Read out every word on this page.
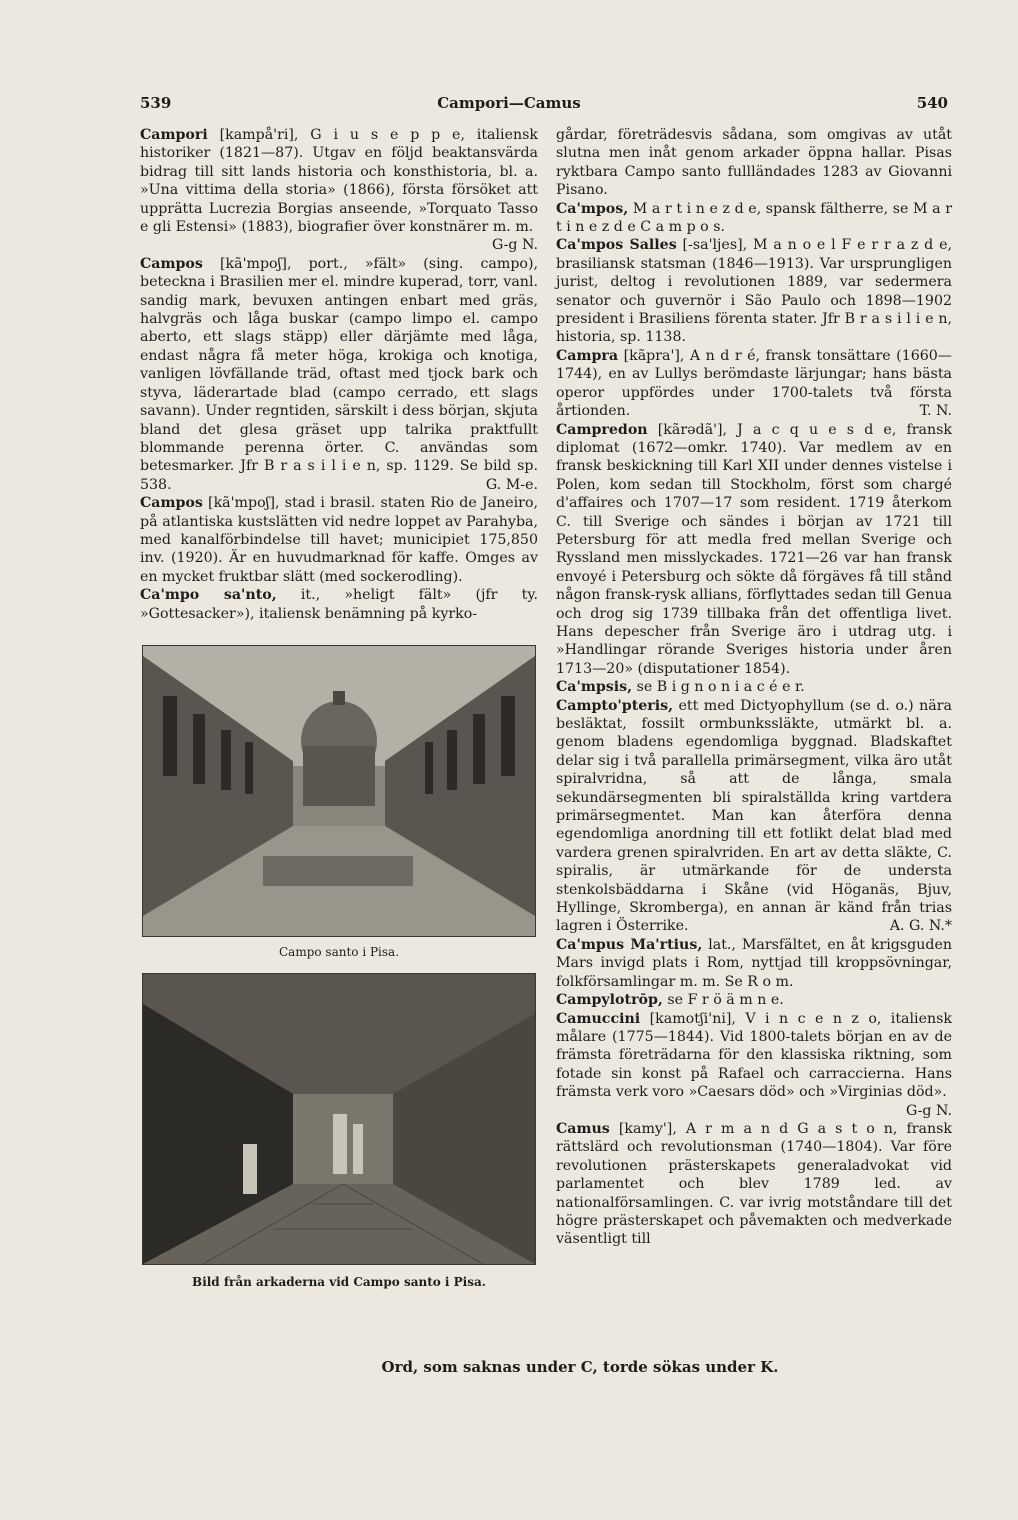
539	Campori—Camus	540

Campori [kampå'ri], G i u s e p p e, italiensk historiker (1821—87). Utgav en följd beaktansvärda bidrag till sitt lands historia och konsthistoria, bl. a. »Una vittima della storia» (1866), första försöket att upprätta Lucrezia Borgias anseende, »Torquato Tasso e gli Estensi» (1883), biografier över konstnärer m. m.
G-g N.

Campos [kã'mpoʃ], port., »fält» (sing. campo), beteckna i Brasilien mer el. mindre kuperad, torr, vanl. sandig mark, bevuxen antingen enbart med gräs, halvgräs och låga buskar (campo limpo el. campo aberto, ett slags stäpp) eller därjämte med låga, endast några få meter höga, krokiga och knotiga, vanligen lövfällande träd, oftast med tjock bark och styva, läderartade blad (campo cerrado, ett slags savann). Under regntiden, särskilt i dess början, skjuta bland det glesa gräset upp talrika praktfullt blommande perenna örter. C. användas som betesmarker. Jfr B r a s i l i e n, sp. 1129. Se bild sp. 538.	G. M-e.

Campos [kã'mpoʃ], stad i brasil. staten Rio de Janeiro, på atlantiska kustslätten vid nedre loppet av Parahyba, med kanalförbindelse till havet; municipiet 175,850 inv. (1920). Är en huvudmarknad för kaffe. Omges av en mycket fruktbar slätt (med sockerodling).

Ca'mpo sa'nto, it., »heligt fält» (jfr ty. »Gottesacker»), italiensk benämning på kyrko-

Campo santo i Pisa.
Bild från arkaderna vid Campo santo i Pisa.

gårdar, företrädesvis sådana, som omgivas av utåt slutna men inåt genom arkader öppna hallar. Pisas ryktbara Campo santo fullländades 1283 av Giovanni Pisano.

Ca'mpos, M a r t i n e z d e, spansk fältherre, se M a r t i n e z d e C a m p o s.

Ca'mpos Salles [-sa'ljes], M a n o e l F e r r a z d e, brasiliansk statsman (1846—1913). Var ursprungligen jurist, deltog i revolutionen 1889, var sedermera senator och guvernör i São Paulo och 1898—1902 president i Brasiliens förenta stater. Jfr B r a s i l i e n, historia, sp. 1138.

Campra [kãpra'], A n d r é, fransk tonsättare (1660—1744), en av Lullys berömdaste lärjungar; hans bästa operor uppfördes under 1700-talets två första årtionden.	T. N.

Campredon [kãrədã'], J a c q u e s d e, fransk diplomat (1672—omkr. 1740). Var medlem av en fransk beskickning till Karl XII under dennes vistelse i Polen, kom sedan till Stockholm, först som chargé d'affaires och 1707—17 som resident. 1719 återkom C. till Sverige och sändes i början av 1721 till Petersburg för att medla fred mellan Sverige och Ryssland men misslyckades. 1721—26 var han fransk envoyé i Petersburg och sökte då förgäves få till stånd någon fransk-rysk allians, förflyttades sedan till Genua och drog sig 1739 tillbaka från det offentliga livet. Hans depescher från Sverige äro i utdrag utg. i »Handlingar rörande Sveriges historia under åren 1713—20» (disputationer 1854).

Ca'mpsis, se B i g n o n i a c é e r.

Campto'pteris, ett med Dictyophyllum (se d. o.) nära besläktat, fossilt ormbunkssläkte, utmärkt bl. a. genom bladens egendomliga byggnad. Bladskaftet delar sig i två parallella primärsegment, vilka äro utåt spiralvridna, så att de långa, smala sekundärsegmenten bli spiralställda kring vartdera primärsegmentet. Man kan återföra denna egendomliga anordning till ett fotlikt delat blad med vardera grenen spiralvriden. En art av detta släkte, C. spiralis, är utmärkande för de understa stenkolsbäddarna i Skåne (vid Höganäs, Bjuv, Hyllinge, Skromberga), en annan är känd från trias lagren i Österrike.	A. G. N.*

Ca'mpus Ma'rtius, lat., Marsfältet, en åt krigsguden Mars invigd plats i Rom, nyttjad till kroppsövningar, folkförsamlingar m. m. Se R o m.

Campylotrōp, se F r ö ä m n e.

Camuccini [kamotʃi'ni], V i n c e n z o, italiensk målare (1775—1844). Vid 1800-talets början en av de främsta företrädarna för den klassiska riktning, som fotade sin konst på Rafael och carraccierna. Hans främsta verk voro »Caesars död» och »Virginias död».
G-g N.

Camus [kamy'], A r m a n d G a s t o n, fransk rättslärd och revolutionsman (1740—1804). Var före revolutionen prästerskapets generaladvokat vid parlamentet och blev 1789 led. av nationalförsamlingen. C. var ivrig motståndare till det högre prästerskapet och påvemakten och medverkade väsentligt till

Ord, som saknas under C, torde sökas under K.
